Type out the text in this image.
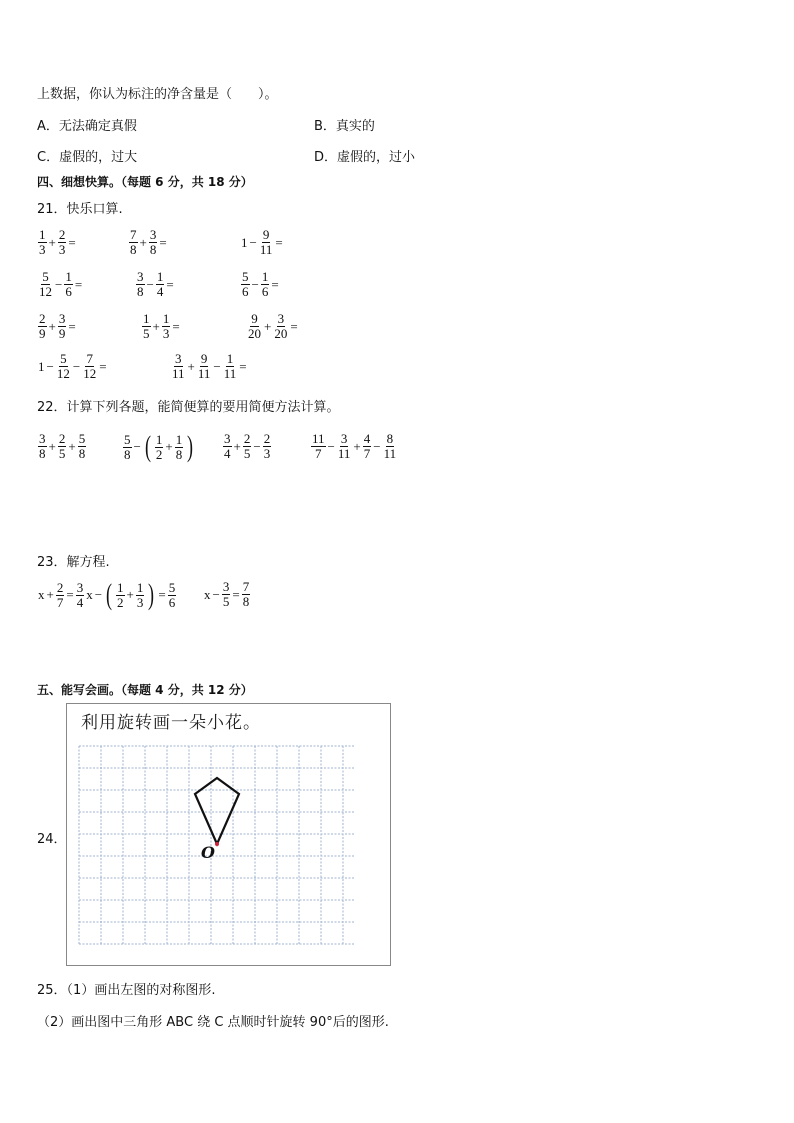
上数据，你认为标注的净含量是（　　）。
A．无法确定真假	B．真实的
C．虚假的，过大	D．虚假的，过小
四、细想快算。（每题 6 分，共 18 分）
21．快乐口算.
$\frac{1}{3} + \frac{2}{3}$ =	$\frac{7}{8} + \frac{3}{8}$ =	$1 - \frac{9}{11}$ =
$\frac{5}{12} - \frac{1}{6}$ =	$\frac{3}{8} - \frac{1}{4}$ =	$\frac{5}{6} - \frac{1}{6}$ =
$\frac{2}{9} + \frac{3}{9}$ =	$\frac{1}{5} + \frac{1}{3}$ =	$\frac{9}{20} + \frac{3}{20}$ =
$1 - \frac{5}{12} - \frac{7}{12}$ =	$\frac{3}{11} + \frac{9}{11} - \frac{1}{11}$ =
22．计算下列各题，能简便算的要用简便方法计算。
$\frac{3}{8} + \frac{2}{5} + \frac{5}{8}$	$\frac{5}{8}$ − ( $\frac{1}{2} + \frac{1}{8}$ ) $\frac{3}{4} + \frac{2}{5} - \frac{2}{3}$	$\frac{11}{7} - \frac{3}{11} + \frac{4}{7} - \frac{8}{11}$
23．解方程.
$x + \frac{2}{7} = \frac{3}{4}$ x − ( $\frac{1}{2} + \frac{1}{3}$ ) = $\frac{5}{6}$ $x - \frac{3}{5} = \frac{7}{8}$
五、能写会画。（每题 4 分，共 12 分）
24．
利用旋转画一朵小花。
O
25．（1）画出左图的对称图形.
（2）画出图中三角形 ABC 绕 C 点顺时针旋转 90°后的图形.
